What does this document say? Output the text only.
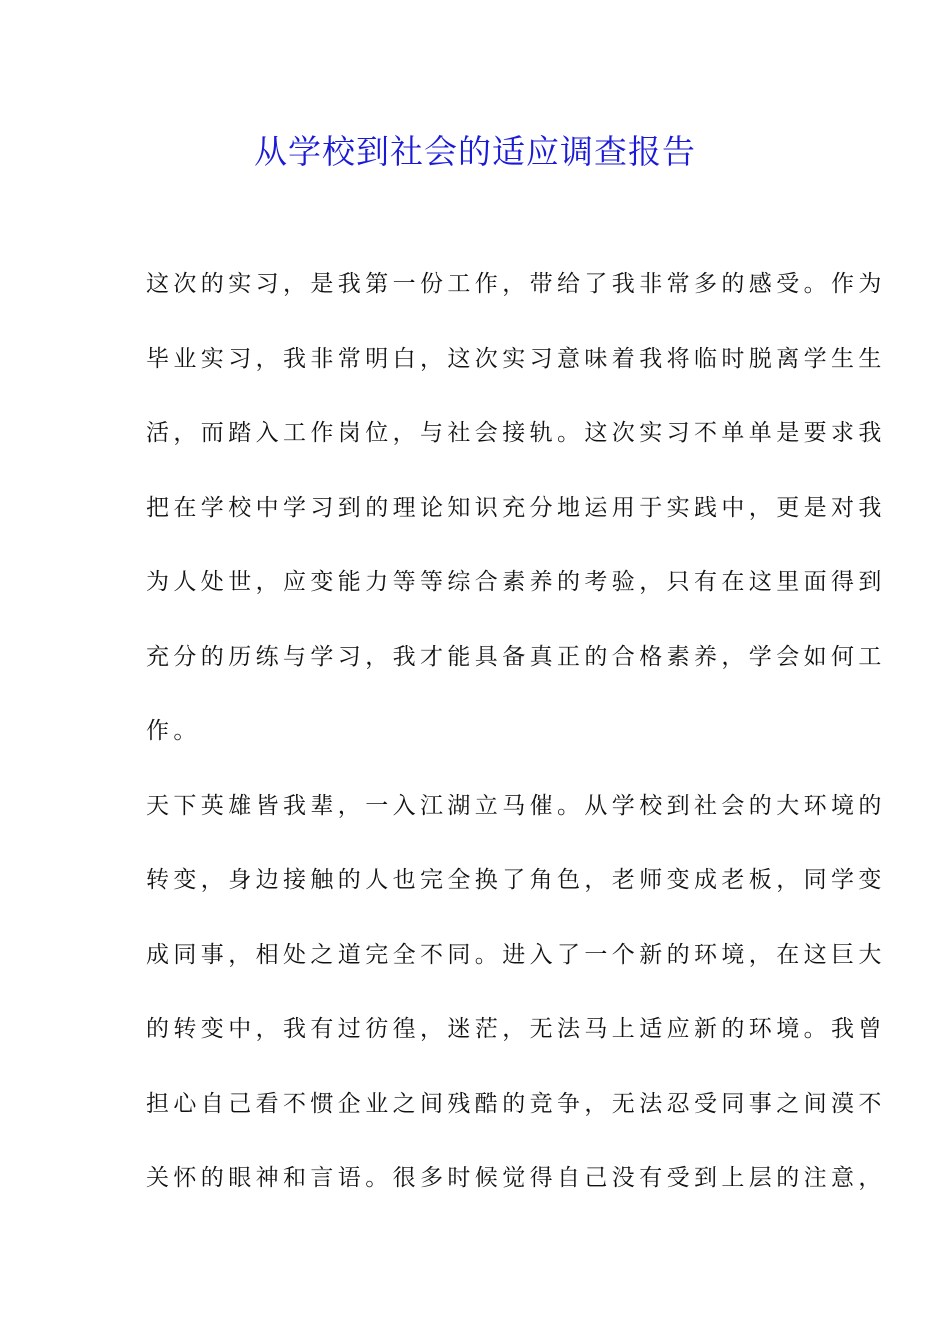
从学校到社会的适应调查报告

这次的实习，是我第一份工作，带给了我非常多的感受。作为

毕业实习，我非常明白，这次实习意味着我将临时脱离学生生

活，而踏入工作岗位，与社会接轨。这次实习不单单是要求我

把在学校中学习到的理论知识充分地运用于实践中，更是对我

为人处世，应变能力等等综合素养的考验，只有在这里面得到

充分的历练与学习，我才能具备真正的合格素养，学会如何工

作。

天下英雄皆我辈，一入江湖立马催。从学校到社会的大环境的

转变，身边接触的人也完全换了角色，老师变成老板，同学变

成同事，相处之道完全不同。进入了一个新的环境，在这巨大

的转变中，我有过彷徨，迷茫，无法马上适应新的环境。我曾

担心自己看不惯企业之间残酷的竞争，无法忍受同事之间漠不

关怀的眼神和言语。很多时候觉得自己没有受到上层的注意，
